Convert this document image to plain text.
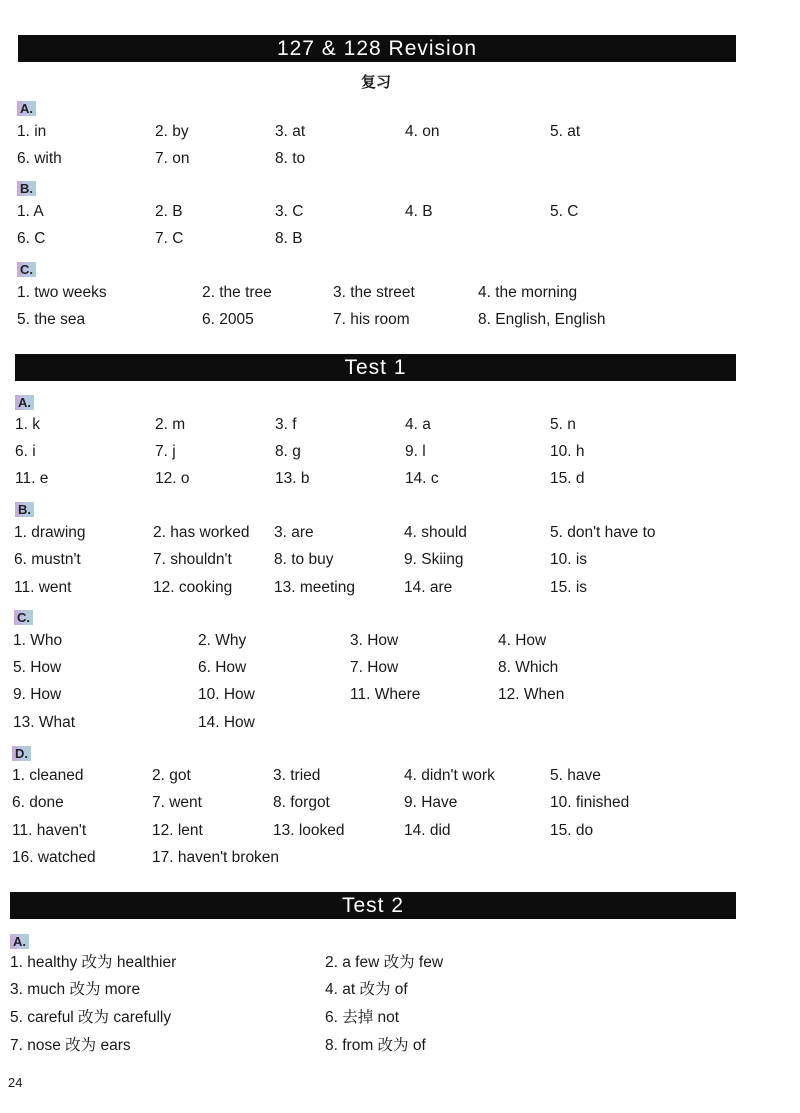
127 & 128 Revision
复习
A.
1. in	2. by	3. at	4. on	5. at
6. with	7. on	8. to
B.
1. A	2. B	3. C	4. B	5. C
6. C	7. C	8. B
C.
1. two weeks	2. the tree	3. the street	4. the morning
5. the sea	6. 2005	7. his room	8. English, English
Test 1
A.
1. k	2. m	3. f	4. a	5. n
6. i	7. j	8. g	9. l	10. h
11. e	12. o	13. b	14. c	15. d
B.
1. drawing	2. has worked 3. are	4. should	5. don't have to
6. mustn't	7. shouldn't	8. to buy	9. Skiing	10. is
11. went	12. cooking	13. meeting	14. are	15. is
C.
1. Who	2. Why	3. How	4. How
5. How	6. How	7. How	8. Which
9. How	10. How	11. Where	12. When
13. What	14. How
D.
1. cleaned	2. got	3. tried	4. didn't work	5. have
6. done	7. went	8. forgot	9. Have	10. finished
11. haven't	12. lent	13. looked	14. did	15. do
16. watched	17. haven't broken
Test 2
A.
1. healthy 改为 healthier	2. a few 改为 few
3. much 改为 more	4. at 改为 of
5. careful 改为 carefully	6. 去掉 not
7. nose 改为 ears	8. from 改为 of
24
